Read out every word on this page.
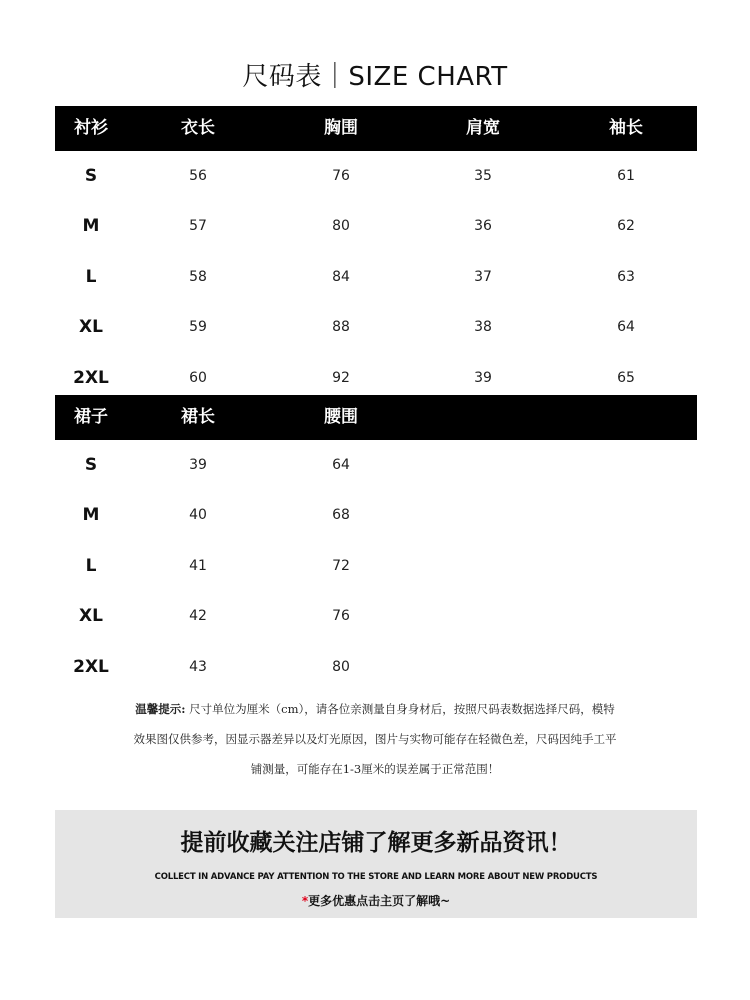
尺码表｜SIZE CHART
衬衫	衣长	胸围	肩宽	袖长
S	56	76	35	61
M	57	80	36	62
L	58	84	37	63
XL	59	88	38	64
2XL	60	92	39	65
裙子	裙长	腰围
S	39	64
M	40	68
L	41	72
XL	42	76
2XL	43	80
温馨提示: 尺寸单位为厘米（cm），请各位亲测量自身身材后，按照尺码表数据选择尺码，模特
效果图仅供参考，因显示器差异以及灯光原因，图片与实物可能存在轻微色差，尺码因纯手工平
铺测量，可能存在1-3厘米的误差属于正常范围！
提前收藏关注店铺了解更多新品资讯！
COLLECT IN ADVANCE PAY ATTENTION TO THE STORE AND LEARN MORE ABOUT NEW PRODUCTS
*更多优惠点击主页了解哦~
